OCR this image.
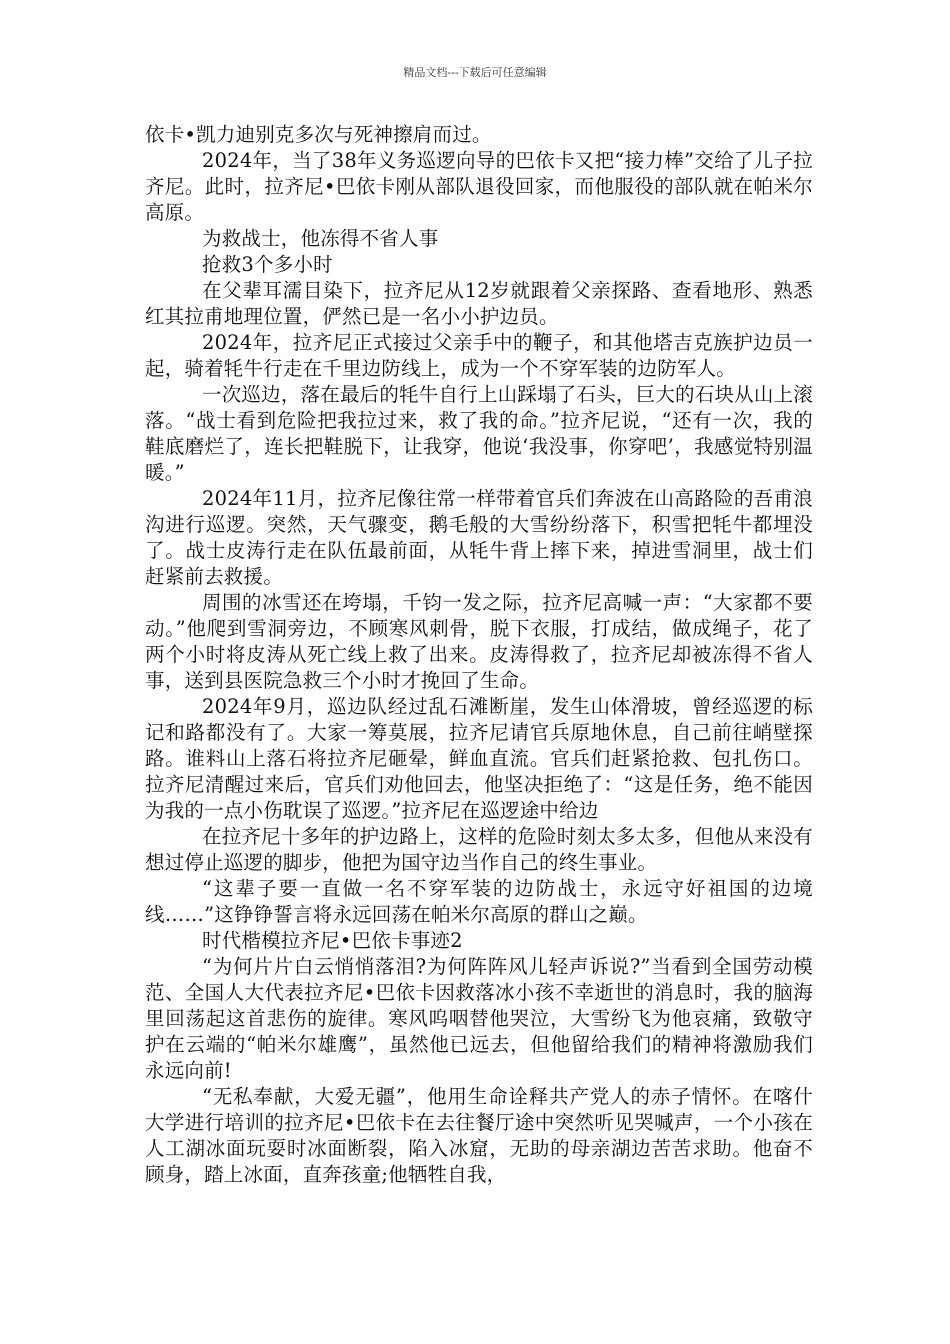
精品文档---下载后可任意编辑

依卡•凯力迪别克多次与死神擦肩而过。

2024年，当了38年义务巡逻向导的巴依卡又把“接力棒”交给了儿子拉齐尼。此时，拉齐尼•巴依卡刚从部队退役回家，而他服役的部队就在帕米尔高原。

为救战士，他冻得不省人事

抢救3个多小时

在父辈耳濡目染下，拉齐尼从12岁就跟着父亲探路、查看地形、熟悉红其拉甫地理位置，俨然已是一名小小护边员。

2024年，拉齐尼正式接过父亲手中的鞭子，和其他塔吉克族护边员一起，骑着牦牛行走在千里边防线上，成为一个不穿军装的边防军人。

一次巡边，落在最后的牦牛自行上山踩塌了石头，巨大的石块从山上滚落。“战士看到危险把我拉过来，救了我的命。”拉齐尼说，“还有一次，我的鞋底磨烂了，连长把鞋脱下，让我穿，他说‘我没事，你穿吧’，我感觉特别温暖。”

2024年11月，拉齐尼像往常一样带着官兵们奔波在山高路险的吾甫浪沟进行巡逻。突然，天气骤变，鹅毛般的大雪纷纷落下，积雪把牦牛都埋没了。战士皮涛行走在队伍最前面，从牦牛背上摔下来，掉进雪洞里，战士们赶紧前去救援。

周围的冰雪还在垮塌，千钧一发之际，拉齐尼高喊一声：“大家都不要动。”他爬到雪洞旁边，不顾寒风刺骨，脱下衣服，打成结，做成绳子，花了两个小时将皮涛从死亡线上救了出来。皮涛得救了，拉齐尼却被冻得不省人事，送到县医院急救三个小时才挽回了生命。

2024年9月，巡边队经过乱石滩断崖，发生山体滑坡，曾经巡逻的标记和路都没有了。大家一筹莫展，拉齐尼请官兵原地休息，自己前往峭壁探路。谁料山上落石将拉齐尼砸晕，鲜血直流。官兵们赶紧抢救、包扎伤口。拉齐尼清醒过来后，官兵们劝他回去，他坚决拒绝了：“这是任务，绝不能因为我的一点小伤耽误了巡逻。”拉齐尼在巡逻途中给边

在拉齐尼十多年的护边路上，这样的危险时刻太多太多，但他从来没有想过停止巡逻的脚步，他把为国守边当作自己的终生事业。

“这辈子要一直做一名不穿军装的边防战士，永远守好祖国的边境线……”这铮铮誓言将永远回荡在帕米尔高原的群山之巅。

时代楷模拉齐尼•巴依卡事迹2

“为何片片白云悄悄落泪?为何阵阵风儿轻声诉说?”当看到全国劳动模范、全国人大代表拉齐尼•巴依卡因救落冰小孩不幸逝世的消息时，我的脑海里回荡起这首悲伤的旋律。寒风呜咽替他哭泣，大雪纷飞为他哀痛，致敬守护在云端的“帕米尔雄鹰”，虽然他已远去，但他留给我们的精神将激励我们永远向前!

“无私奉献，大爱无疆”，他用生命诠释共产党人的赤子情怀。在喀什大学进行培训的拉齐尼•巴依卡在去往餐厅途中突然听见哭喊声，一个小孩在人工湖冰面玩耍时冰面断裂，陷入冰窟，无助的母亲湖边苦苦求助。他奋不顾身，踏上冰面，直奔孩童;他牺牲自我，
